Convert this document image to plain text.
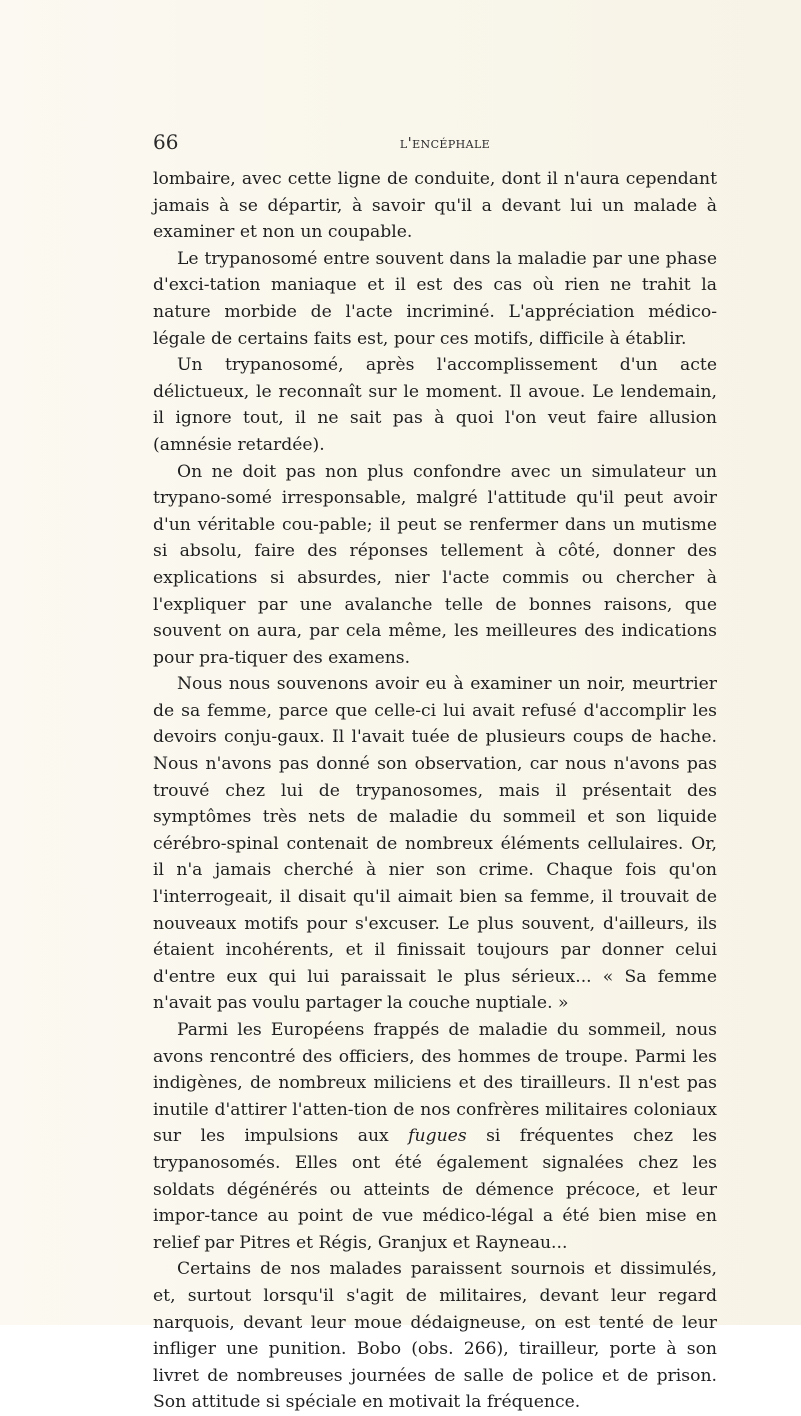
66	l'encéphale

lombaire, avec cette ligne de conduite, dont il n'aura cependant jamais à se départir, à savoir qu'il a devant lui un malade à examiner et non un coupable.

Le trypanosomé entre souvent dans la maladie par une phase d'exci-tation maniaque et il est des cas où rien ne trahit la nature morbide de l'acte incriminé. L'appréciation médico-légale de certains faits est, pour ces motifs, difficile à établir.

Un trypanosomé, après l'accomplissement d'un acte délictueux, le reconnaît sur le moment. Il avoue. Le lendemain, il ignore tout, il ne sait pas à quoi l'on veut faire allusion (amnésie retardée).

On ne doit pas non plus confondre avec un simulateur un trypano-somé irresponsable, malgré l'attitude qu'il peut avoir d'un véritable cou-pable; il peut se renfermer dans un mutisme si absolu, faire des réponses tellement à côté, donner des explications si absurdes, nier l'acte commis ou chercher à l'expliquer par une avalanche telle de bonnes raisons, que souvent on aura, par cela même, les meilleures des indications pour pra-tiquer des examens.

Nous nous souvenons avoir eu à examiner un noir, meurtrier de sa femme, parce que celle-ci lui avait refusé d'accomplir les devoirs conju-gaux. Il l'avait tuée de plusieurs coups de hache. Nous n'avons pas donné son observation, car nous n'avons pas trouvé chez lui de trypanosomes, mais il présentait des symptômes très nets de maladie du sommeil et son liquide cérébro-spinal contenait de nombreux éléments cellulaires. Or, il n'a jamais cherché à nier son crime. Chaque fois qu'on l'interrogeait, il disait qu'il aimait bien sa femme, il trouvait de nouveaux motifs pour s'excuser. Le plus souvent, d'ailleurs, ils étaient incohérents, et il finissait toujours par donner celui d'entre eux qui lui paraissait le plus sérieux... « Sa femme n'avait pas voulu partager la couche nuptiale. »

Parmi les Européens frappés de maladie du sommeil, nous avons rencontré des officiers, des hommes de troupe. Parmi les indigènes, de nombreux miliciens et des tirailleurs. Il n'est pas inutile d'attirer l'atten-tion de nos confrères militaires coloniaux sur les impulsions aux fugues si fréquentes chez les trypanosomés. Elles ont été également signalées chez les soldats dégénérés ou atteints de démence précoce, et leur impor-tance au point de vue médico-légal a été bien mise en relief par Pitres et Régis, Granjux et Rayneau...

Certains de nos malades paraissent sournois et dissimulés, et, surtout lorsqu'il s'agit de militaires, devant leur regard narquois, devant leur moue dédaigneuse, on est tenté de leur infliger une punition. Bobo (obs. 266), tirailleur, porte à son livret de nombreuses journées de salle de police et de prison. Son attitude si spéciale en motivait la fréquence.
